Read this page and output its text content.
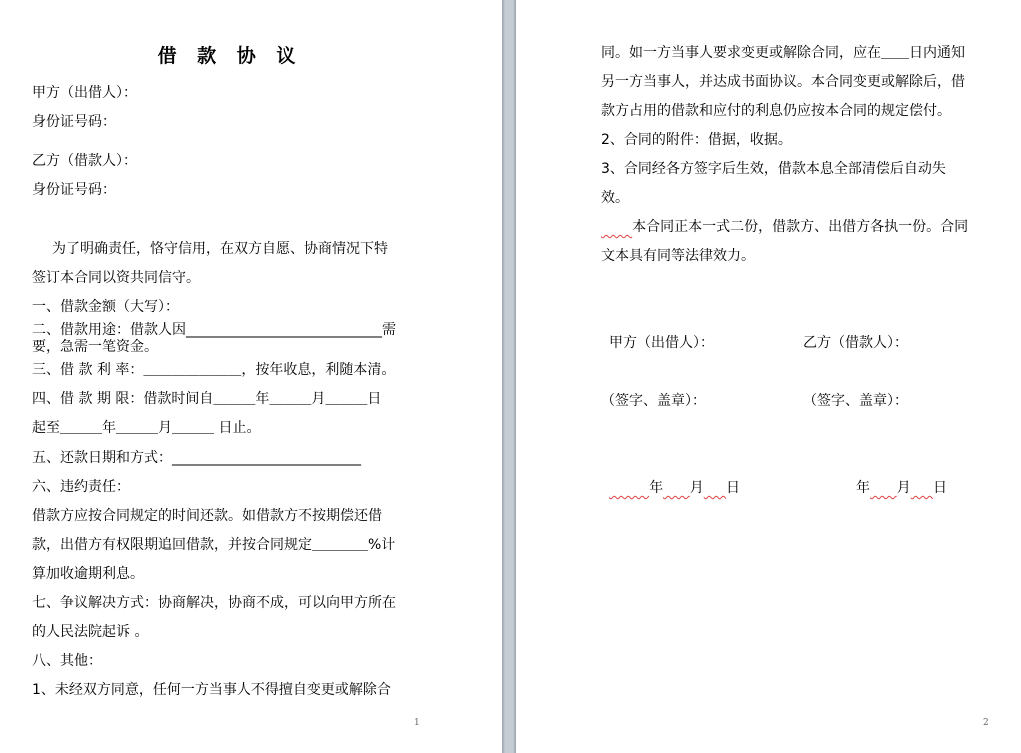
借 款 协 议
甲方（出借人）：
身份证号码：
乙方（借款人）：
身份证号码：
为了明确责任，恪守信用，在双方自愿、协商情况下特
签订本合同以资共同信守。
一、借款金额（大写）：
二、借款用途：借款人因____________________________需
要，急需一笔资金。
三、借 款 利 率：＿＿＿＿＿＿＿，按年收息，利随本清。
四、借 款 期 限：借款时间自＿＿＿年＿＿＿月＿＿＿日
起至＿＿＿年＿＿＿月＿＿＿ 日止。
五、还款日期和方式：___________________________
六、违约责任：
借款方应按合同规定的时间还款。如借款方不按期偿还借
款，出借方有权限期追回借款，并按合同规定＿＿＿＿%计
算加收逾期利息。
七、争议解决方式：协商解决，协商不成，可以向甲方所在
的人民法院起诉 。
八、其他：
1、未经双方同意，任何一方当事人不得擅自变更或解除合
1
同。如一方当事人要求变更或解除合同，应在＿＿日内通知
另一方当事人，并达成书面协议。本合同变更或解除后，借
款方占用的借款和应付的利息仍应按本合同的规定偿付。
2、合同的附件：借据，收据。
3、合同经各方签字后生效，借款本息全部清偿后自动失
效。
本合同正本一式二份，借款方、出借方各执一份。合同
文本具有同等法律效力。
甲方（出借人）：	乙方（借款人）：
（签字、盖章）：	（签字、盖章）：
年 月 日	年 月 日
2
